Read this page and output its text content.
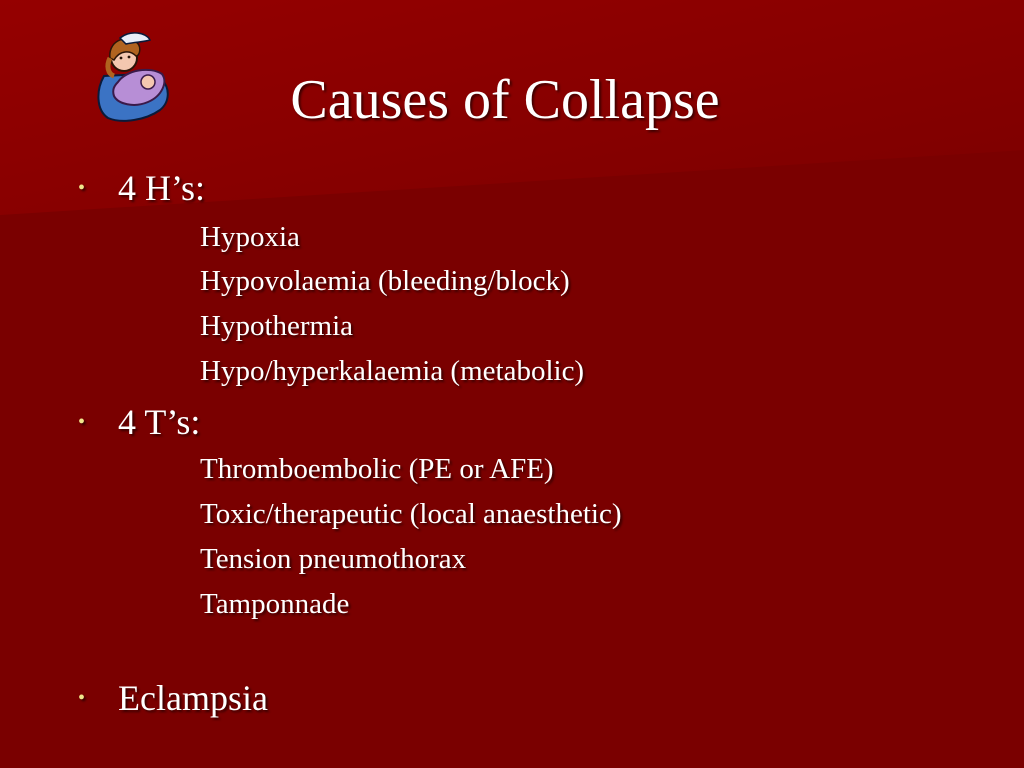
Causes of Collapse
• 4 H’s:
Hypoxia
Hypovolaemia (bleeding/block)
Hypothermia
Hypo/hyperkalaemia (metabolic)
• 4 T’s:
Thromboembolic (PE or AFE)
Toxic/therapeutic (local anaesthetic)
Tension pneumothorax
Tamponnade
• Eclampsia
